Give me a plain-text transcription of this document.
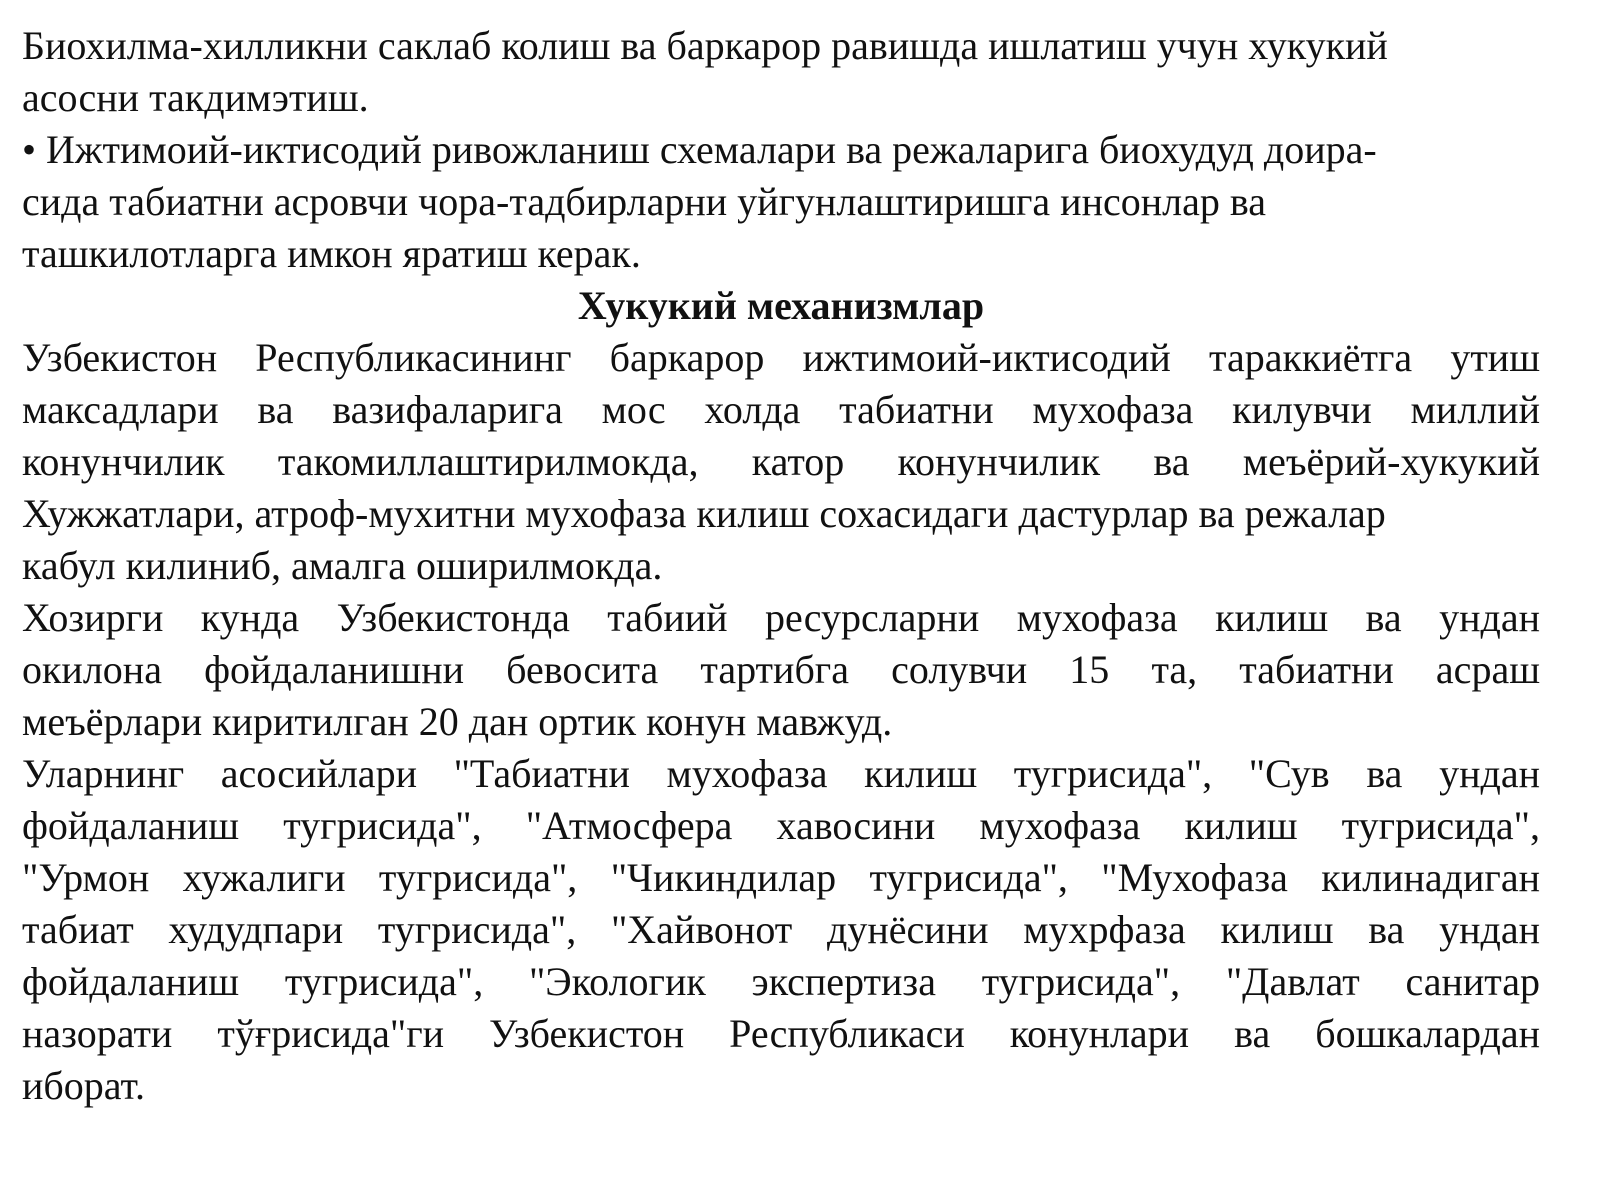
Биохилма-хилликни саклаб колиш ва баркарор равишда ишлатиш учун хукукий
асосни такдимэтиш.
• Ижтимоий-иктисодий ривожланиш схемалари ва режаларига биохудуд доира-
сида табиатни асровчи чора-тадбирларни уйгунлаштиришга инсонлар ва
ташкилотларга имкон яратиш керак.
Хукукий механизмлар
Узбекистон Республикасининг баркарор ижтимоий-иктисодий тараккиётга утиш
максадлари ва вазифаларига мос холда табиатни мухофаза килувчи миллий
конунчилик такомиллаштирилмокда, катор конунчилик ва меъёрий-хукукий
Хужжатлари, атроф-мухитни мухофаза килиш сохасидаги дастурлар ва режалар
кабул килиниб, амалга оширилмокда.
Хозирги кунда Узбекистонда табиий ресурсларни мухофаза килиш ва ундан
окилона фойдаланишни бевосита тартибга солувчи 15 та, табиатни асраш
меъёрлари киритилган 20 дан ортик конун мавжуд.
Уларнинг асосийлари "Табиатни мухофаза килиш тугрисида", "Сув ва ундан
фойдаланиш тугрисида", "Атмосфера хавосини мухофаза килиш тугрисида",
"Урмон хужалиги тугрисида", "Чикиндилар тугрисида", "Мухофаза килинадиган
табиат худудпари тугрисида", "Хайвонот дунёсини мухрфаза килиш ва ундан
фойдаланиш тугрисида", "Экологик экспертиза тугрисида", "Давлат санитар
назорати тўғрисида"ги Узбекистон Республикаси конунлари ва бошкалардан
иборат.
